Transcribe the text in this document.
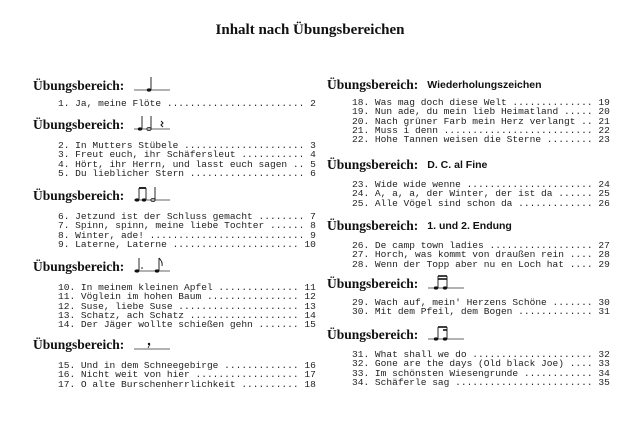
Inhalt nach Übungsbereichen
Übungsbereich:
1. Ja, meine Flöte ........................ 2
Übungsbereich:
2. In Mutters Stübele ..................... 3
3. Freut euch, ihr Schäfersleut ........... 4
4. Hört, ihr Herrn, und lasst euch sagen .. 5
5. Du lieblicher Stern .................... 6
Übungsbereich:
6. Jetzund ist der Schluss gemacht ........ 7
7. Spinn, spinn, meine liebe Tochter ...... 8
8. Winter, ade! ........................... 9
9. Laterne, Laterne ...................... 10
Übungsbereich:
10. In meinem kleinen Apfel .............. 11
11. Vöglein im hohen Baum ................ 12
12. Suse, liebe Suse ..................... 13
13. Schatz, ach Schatz ................... 14
14. Der Jäger wollte schießen gehn ....... 15
Übungsbereich:
15. Und in dem Schneegebirge ............. 16
16. Nicht weit von hier .................. 17
17. O alte Burschenherrlichkeit .......... 18
Übungsbereich: Wiederholungszeichen
18. Was mag doch diese Welt .............. 19
19. Nun ade, du mein lieb Heimatland ..... 20
20. Nach grüner Farb mein Herz verlangt .. 21
21. Muss i denn .......................... 22
22. Hohe Tannen weisen die Sterne ........ 23
Übungsbereich: D. C. al Fine
23. Wide wide wenne ...................... 24
24. A, a, a, der Winter, der ist da ...... 25
25. Alle Vögel sind schon da ............. 26
Übungsbereich: 1. und 2. Endung
26. De camp town ladies .................. 27
27. Horch, was kommt von draußen rein .... 28
28. Wenn der Topp aber nu en Loch hat .... 29
Übungsbereich:
29. Wach auf, mein' Herzens Schöne ....... 30
30. Mit dem Pfeil, dem Bogen ............. 31
Übungsbereich:
31. What shall we do ..................... 32
32. Gone are the days (Old black Joe) .... 33
33. Im schönsten Wiesengrunde ............ 34
34. Schäferle sag ........................ 35
